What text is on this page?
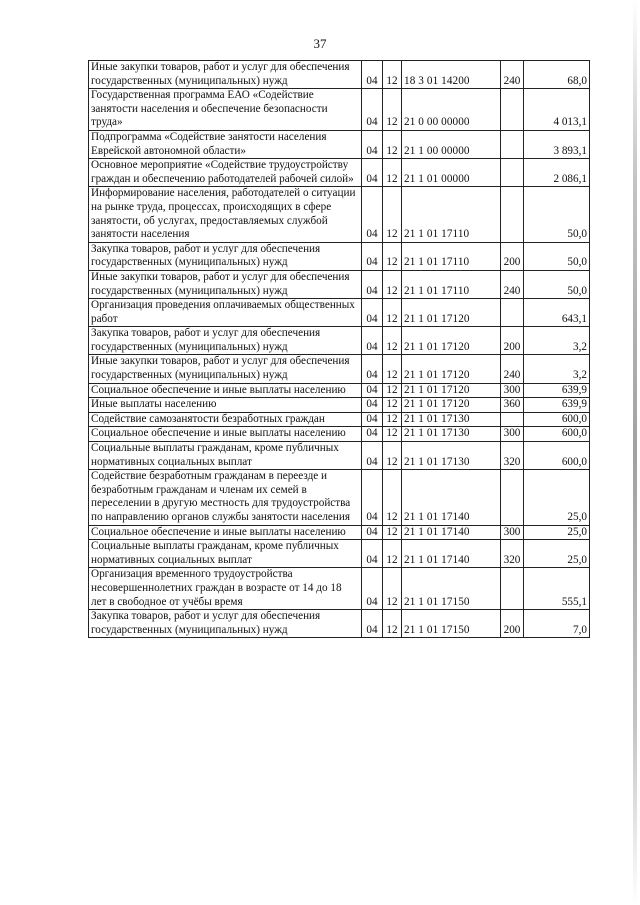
37
Иные закупки товаров, работ и услуг для обеспечения государственных (муниципальных) нужд	04	12	18 3 01 14200	240	68,0
Государственная программа ЕАО «Содействие занятости населения и обеспечение безопасности труда»	04	12	21 0 00 00000		4 013,1
Подпрограмма «Содействие занятости населения Еврейской автономной области»	04	12	21 1 00 00000		3 893,1
Основное мероприятие «Содействие трудоустройству граждан и обеспечению работодателей рабочей силой»	04	12	21 1 01 00000		2 086,1
Информирование населения, работодателей о ситуации на рынке труда, процессах, происходящих в сфере занятости, об услугах, предоставляемых службой занятости населения	04	12	21 1 01 17110		50,0
Закупка товаров, работ и услуг для обеспечения государственных (муниципальных) нужд	04	12	21 1 01 17110	200	50,0
Иные закупки товаров, работ и услуг для обеспечения государственных (муниципальных) нужд	04	12	21 1 01 17110	240	50,0
Организация проведения оплачиваемых общественных работ	04	12	21 1 01 17120		643,1
Закупка товаров, работ и услуг для обеспечения государственных (муниципальных) нужд	04	12	21 1 01 17120	200	3,2
Иные закупки товаров, работ и услуг для обеспечения государственных (муниципальных) нужд	04	12	21 1 01 17120	240	3,2
Социальное обеспечение и иные выплаты населению	04	12	21 1 01 17120	300	639,9
Иные выплаты населению	04	12	21 1 01 17120	360	639,9
Содействие самозанятости безработных граждан	04	12	21 1 01 17130		600,0
Социальное обеспечение и иные выплаты населению	04	12	21 1 01 17130	300	600,0
Социальные выплаты гражданам, кроме публичных нормативных социальных выплат	04	12	21 1 01 17130	320	600,0
Содействие безработным гражданам в переезде и безработным гражданам и членам их семей в переселении в другую местность для трудоустройства по направлению органов службы занятости населения	04	12	21 1 01 17140		25,0
Социальное обеспечение и иные выплаты населению	04	12	21 1 01 17140	300	25,0
Социальные выплаты гражданам, кроме публичных нормативных социальных выплат	04	12	21 1 01 17140	320	25,0
Организация временного трудоустройства несовершеннолетних граждан в возрасте от 14 до 18 лет в свободное от учёбы время	04	12	21 1 01 17150		555,1
Закупка товаров, работ и услуг для обеспечения государственных (муниципальных) нужд	04	12	21 1 01 17150	200	7,0
